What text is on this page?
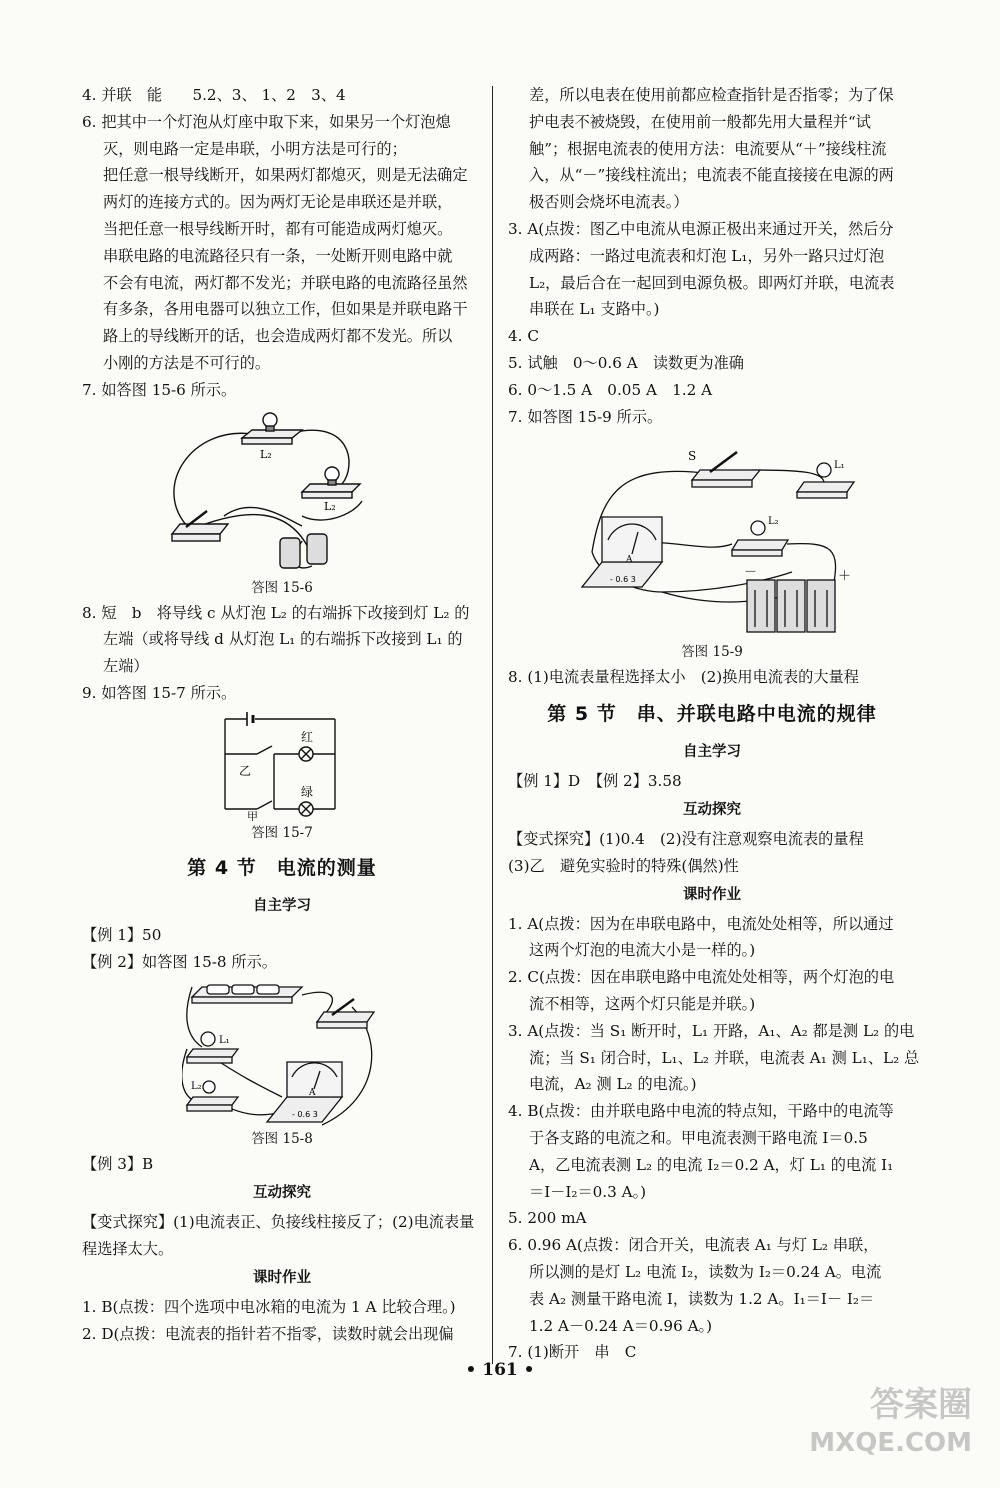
4. 并联　能　　5.2、3、 1、2　3、4
6. 把其中一个灯泡从灯座中取下来，如果另一个灯泡熄
灭，则电路一定是串联，小明方法是可行的；
把任意一根导线断开，如果两灯都熄灭，则是无法确定
两灯的连接方式的。因为两灯无论是串联还是并联，
当把任意一根导线断开时，都有可能造成两灯熄灭。
串联电路的电流路径只有一条，一处断开则电路中就
不会有电流，两灯都不发光；并联电路的电流路径虽然
有多条，各用电器可以独立工作，但如果是并联电路干
路上的导线断开的话，也会造成两灯都不发光。所以
小刚的方法是不可行的。
7. 如答图 15-6 所示。
L₂
L₂
答图 15-6
8. 短　b　将导线 c 从灯泡 L₂ 的右端拆下改接到灯 L₂ 的
左端（或将导线 d 从灯泡 L₁ 的右端拆下改接到 L₁ 的
左端）
9. 如答图 15-7 所示。
红
绿
乙
甲
答图 15-7
第 4 节　电流的测量
自主学习
【例 1】50
【例 2】如答图 15-8 所示。
L₁
L₂
A
- 0.6 3
答图 15-8
【例 3】B
互动探究
【变式探究】(1)电流表正、负接线柱接反了；(2)电流表量
程选择太大。
课时作业
1. B(点拨：四个选项中电冰箱的电流为 1 A 比较合理。)
2. D(点拨：电流表的指针若不指零，读数时就会出现偏
差，所以电表在使用前都应检查指针是否指零；为了保
护电表不被烧毁，在使用前一般都先用大量程并“试
触”；根据电流表的使用方法：电流要从“＋”接线柱流
入，从“－”接线柱流出；电流表不能直接接在电源的两
极否则会烧坏电流表。）
3. A(点拨：图乙中电流从电源正极出来通过开关，然后分
成两路：一路过电流表和灯泡 L₁，另外一路只过灯泡
L₂，最后合在一起回到电源负极。即两灯并联，电流表
串联在 L₁ 支路中。)
4. C
5. 试触　0～0.6 A　读数更为准确
6. 0～1.5 A　0.05 A　1.2 A
7. 如答图 15-9 所示。
S
L₁
L₂
A
- 0.6 3	－	＋
答图 15-9
8. (1)电流表量程选择太小　(2)换用电流表的大量程
第 5 节　串、并联电路中电流的规律
自主学习
【例 1】D　【例 2】3.58
互动探究
【变式探究】(1)0.4　(2)没有注意观察电流表的量程
(3)乙　避免实验时的特殊(偶然)性
课时作业
1. A(点拨：因为在串联电路中，电流处处相等，所以通过
这两个灯泡的电流大小是一样的。)
2. C(点拨：因在串联电路中电流处处相等，两个灯泡的电
流不相等，这两个灯只能是并联。)
3. A(点拨：当 S₁ 断开时，L₁ 开路，A₁、A₂ 都是测 L₂ 的电
流；当 S₁ 闭合时，L₁、L₂ 并联，电流表 A₁ 测 L₁、L₂ 总
电流，A₂ 测 L₂ 的电流。)
4. B(点拨：由并联电路中电流的特点知，干路中的电流等
于各支路的电流之和。甲电流表测干路电流 I＝0.5
A，乙电流表测 L₂ 的电流 I₂＝0.2 A，灯 L₁ 的电流 I₁
＝I－I₂＝0.3 A。)
5. 200 mA
6. 0.96 A(点拨：闭合开关，电流表 A₁ 与灯 L₂ 串联，
所以测的是灯 L₂ 电流 I₂，读数为 I₂＝0.24 A。电流
表 A₂ 测量干路电流 I，读数为 1.2 A。I₁＝I－ I₂＝
1.2 A－0.24 A＝0.96 A。)
7. (1)断开　串　C
• 161 •
答案圈
MXQE.COM
